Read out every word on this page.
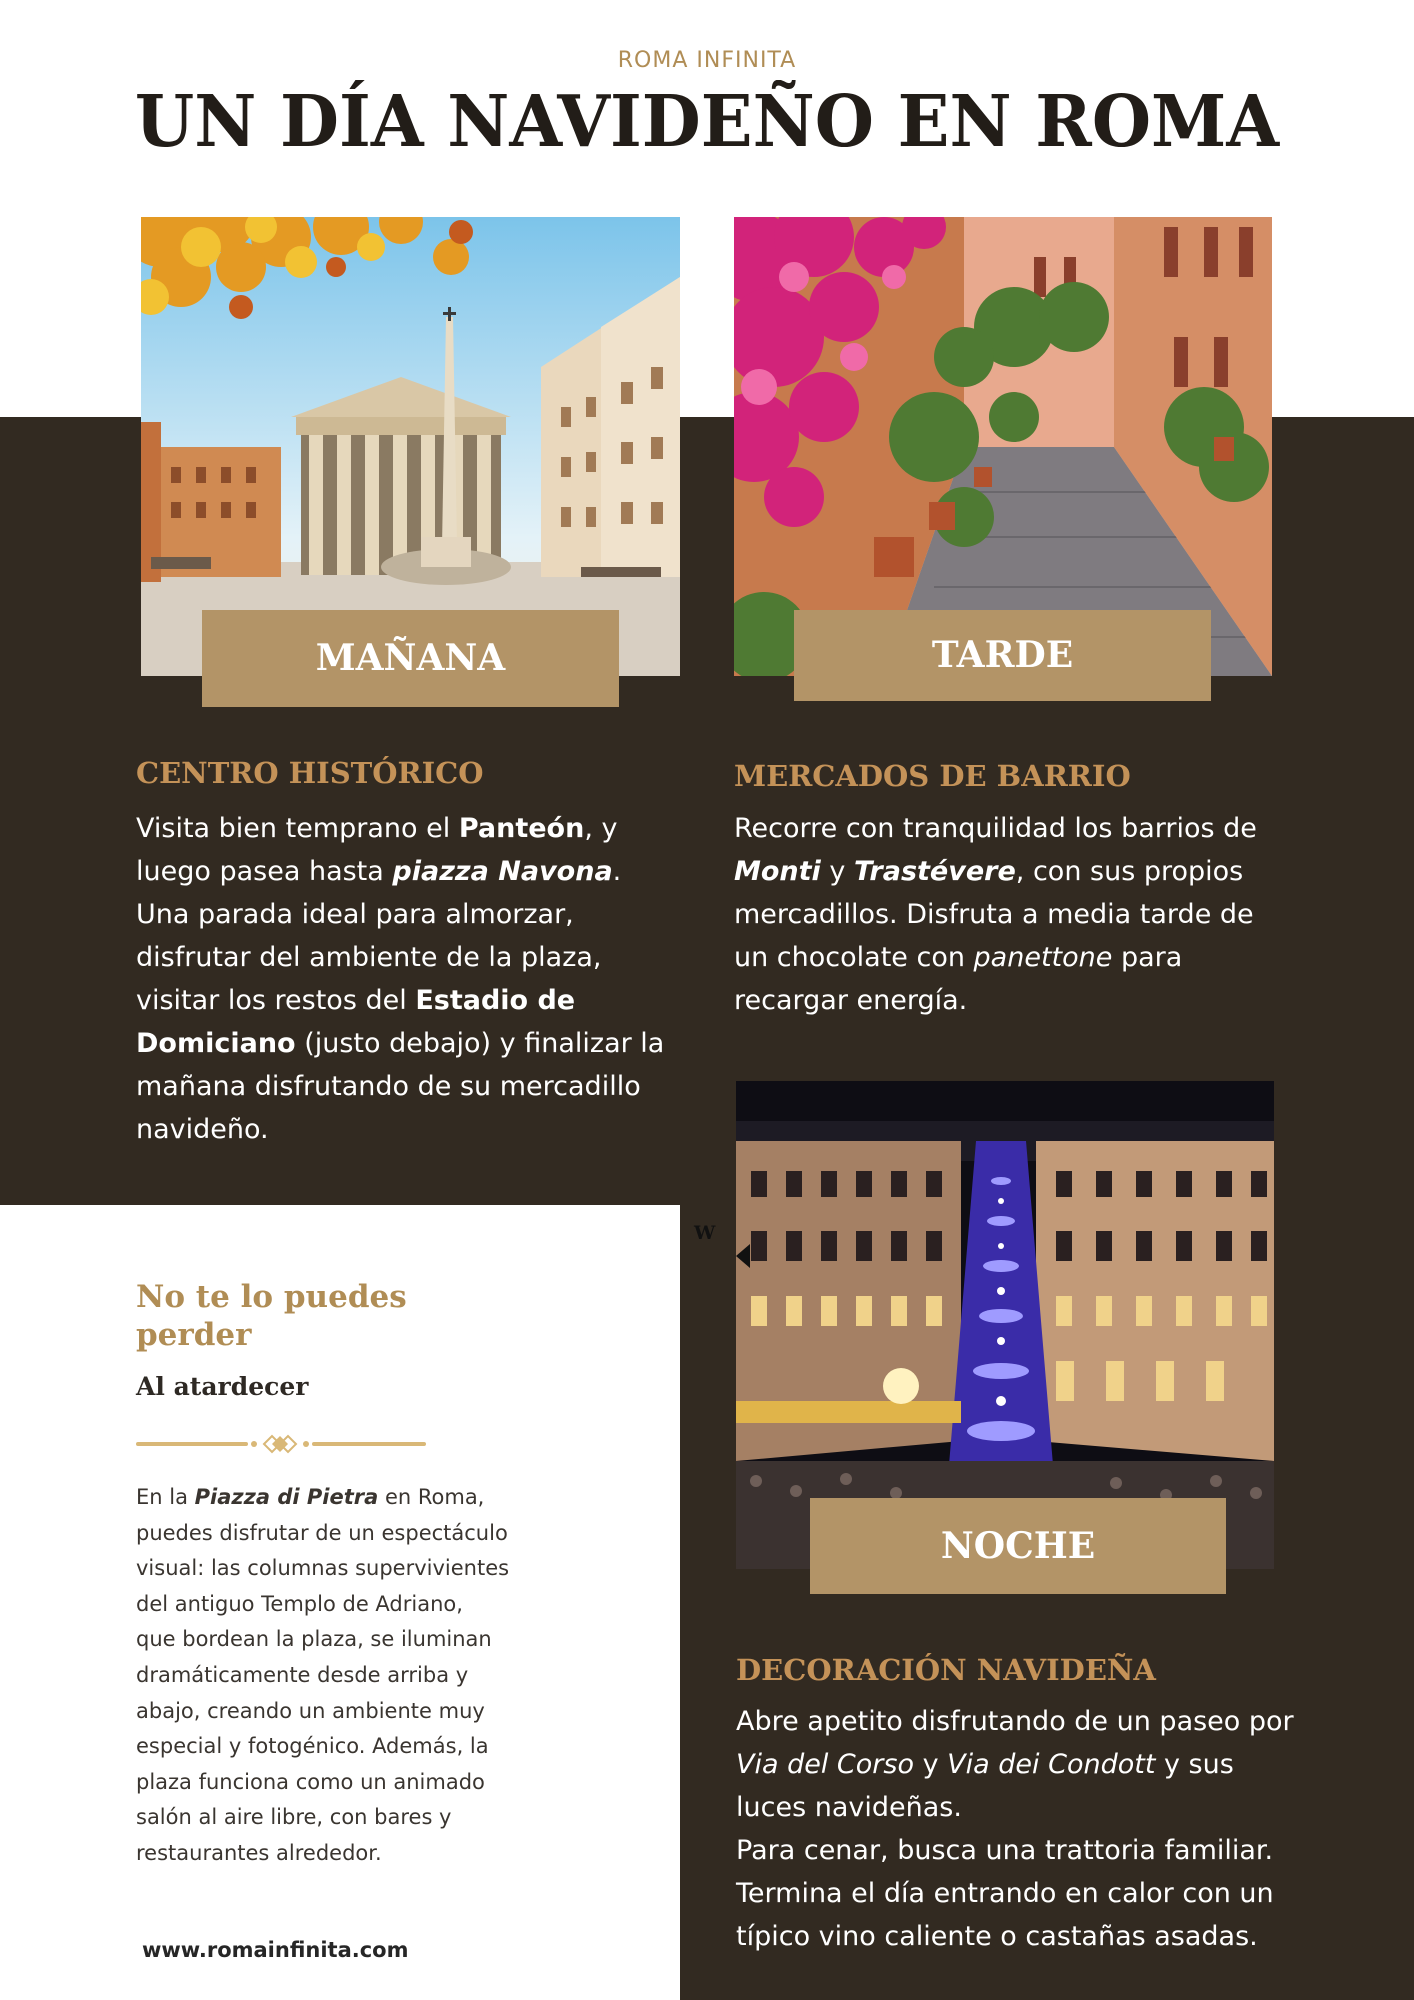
ROMA INFINITA
UN DÍA NAVIDEÑO EN ROMA
MAÑANA	TARDE
CENTRO HISTÓRICO
Visita bien temprano el Panteón, y
luego pasea hasta piazza Navona.
Una parada ideal para almorzar,
disfrutar del ambiente de la plaza,
visitar los restos del Estadio de
Domiciano (justo debajo) y finalizar la
mañana disfrutando de su mercadillo
navideño.
MERCADOS DE BARRIO
Recorre con tranquilidad los barrios de
Monti y Trastévere, con sus propios
mercadillos. Disfruta a media tarde de
un chocolate con panettone para
recargar energía.
NOCHE
W
DECORACIÓN NAVIDEÑA
Abre apetito disfrutando de un paseo por
Via del Corso y Via dei Condott y sus
luces navideñas.
Para cenar, busca una trattoria familiar.
Termina el día entrando en calor con un
típico vino caliente o castañas asadas.
No te lo puedes
perder
Al atardecer
En la Piazza di Pietra en Roma,
puedes disfrutar de un espectáculo
visual: las columnas supervivientes
del antiguo Templo de Adriano,
que bordean la plaza, se iluminan
dramáticamente desde arriba y
abajo, creando un ambiente muy
especial y fotogénico. Además, la
plaza funciona como un animado
salón al aire libre, con bares y
restaurantes alrededor.
www.romainfinita.com
